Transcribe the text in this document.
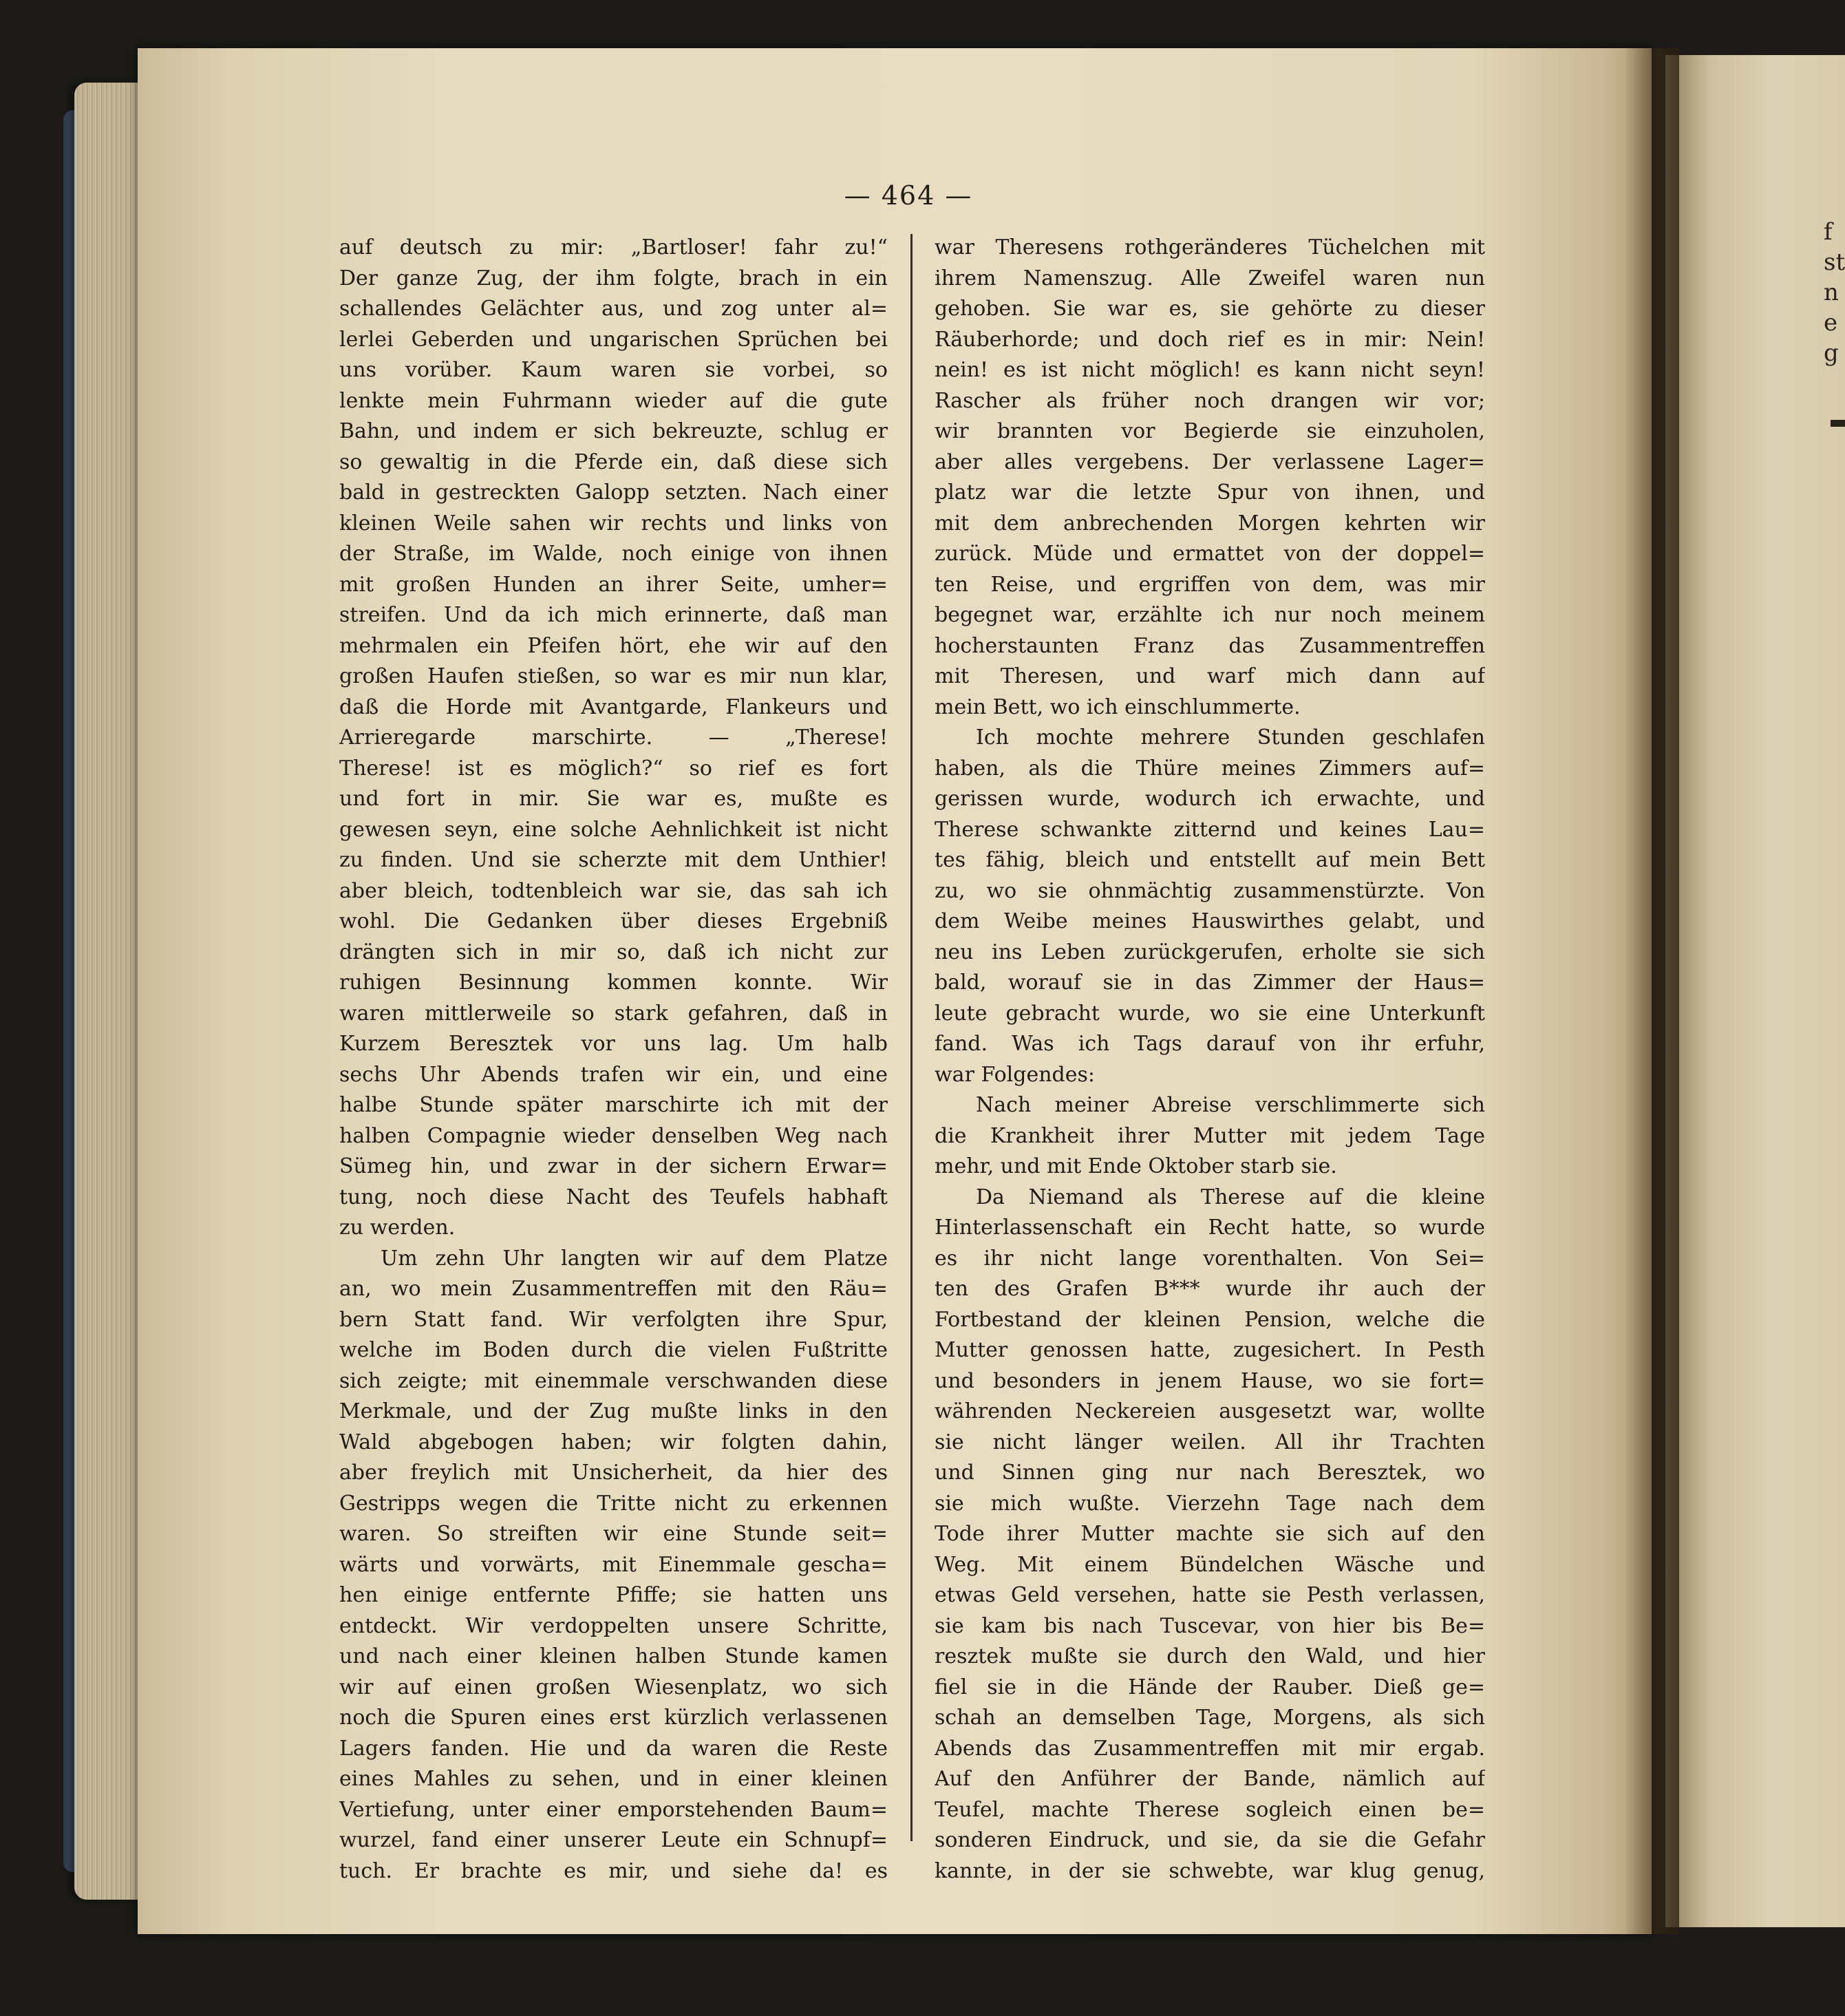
f
st
n
e
g
— 464 —
auf deutsch zu mir: „Bartloser! fahr zu!“
Der ganze Zug, der ihm folgte, brach in ein
schallendes Gelächter aus, und zog unter al=
lerlei Geberden und ungarischen Sprüchen bei
uns vorüber. Kaum waren sie vorbei, so
lenkte mein Fuhrmann wieder auf die gute
Bahn, und indem er sich bekreuzte, schlug er
so gewaltig in die Pferde ein, daß diese sich
bald in gestreckten Galopp setzten. Nach einer
kleinen Weile sahen wir rechts und links von
der Straße, im Walde, noch einige von ihnen
mit großen Hunden an ihrer Seite, umher=
streifen. Und da ich mich erinnerte, daß man
mehrmalen ein Pfeifen hört, ehe wir auf den
großen Haufen stießen, so war es mir nun klar,
daß die Horde mit Avantgarde, Flankeurs und
Arrieregarde marschirte. — „Therese!
Therese! ist es möglich?“ so rief es fort
und fort in mir. Sie war es, mußte es
gewesen seyn, eine solche Aehnlichkeit ist nicht
zu finden. Und sie scherzte mit dem Unthier!
aber bleich, todtenbleich war sie, das sah ich
wohl. Die Gedanken über dieses Ergebniß
drängten sich in mir so, daß ich nicht zur
ruhigen Besinnung kommen konnte. Wir
waren mittlerweile so stark gefahren, daß in
Kurzem Beresztek vor uns lag. Um halb
sechs Uhr Abends trafen wir ein, und eine
halbe Stunde später marschirte ich mit der
halben Compagnie wieder denselben Weg nach
Sümeg hin, und zwar in der sichern Erwar=
tung, noch diese Nacht des Teufels habhaft
zu werden.
Um zehn Uhr langten wir auf dem Platze
an, wo mein Zusammentreffen mit den Räu=
bern Statt fand. Wir verfolgten ihre Spur,
welche im Boden durch die vielen Fußtritte
sich zeigte; mit einemmale verschwanden diese
Merkmale, und der Zug mußte links in den
Wald abgebogen haben; wir folgten dahin,
aber freylich mit Unsicherheit, da hier des
Gestripps wegen die Tritte nicht zu erkennen
waren. So streiften wir eine Stunde seit=
wärts und vorwärts, mit Einemmale gescha=
hen einige entfernte Pfiffe; sie hatten uns
entdeckt. Wir verdoppelten unsere Schritte,
und nach einer kleinen halben Stunde kamen
wir auf einen großen Wiesenplatz, wo sich
noch die Spuren eines erst kürzlich verlassenen
Lagers fanden. Hie und da waren die Reste
eines Mahles zu sehen, und in einer kleinen
Vertiefung, unter einer emporstehenden Baum=
wurzel, fand einer unserer Leute ein Schnupf=
tuch. Er brachte es mir, und siehe da! es
war Theresens rothgeränderes Tüchelchen mit
ihrem Namenszug. Alle Zweifel waren nun
gehoben. Sie war es, sie gehörte zu dieser
Räuberhorde; und doch rief es in mir: Nein!
nein! es ist nicht möglich! es kann nicht seyn!
Rascher als früher noch drangen wir vor;
wir brannten vor Begierde sie einzuholen,
aber alles vergebens. Der verlassene Lager=
platz war die letzte Spur von ihnen, und
mit dem anbrechenden Morgen kehrten wir
zurück. Müde und ermattet von der doppel=
ten Reise, und ergriffen von dem, was mir
begegnet war, erzählte ich nur noch meinem
hocherstaunten Franz das Zusammentreffen
mit Theresen, und warf mich dann auf
mein Bett, wo ich einschlummerte.
Ich mochte mehrere Stunden geschlafen
haben, als die Thüre meines Zimmers auf=
gerissen wurde, wodurch ich erwachte, und
Therese schwankte zitternd und keines Lau=
tes fähig, bleich und entstellt auf mein Bett
zu, wo sie ohnmächtig zusammenstürzte. Von
dem Weibe meines Hauswirthes gelabt, und
neu ins Leben zurückgerufen, erholte sie sich
bald, worauf sie in das Zimmer der Haus=
leute gebracht wurde, wo sie eine Unterkunft
fand. Was ich Tags darauf von ihr erfuhr,
war Folgendes:
Nach meiner Abreise verschlimmerte sich
die Krankheit ihrer Mutter mit jedem Tage
mehr, und mit Ende Oktober starb sie.
Da Niemand als Therese auf die kleine
Hinterlassenschaft ein Recht hatte, so wurde
es ihr nicht lange vorenthalten. Von Sei=
ten des Grafen B*** wurde ihr auch der
Fortbestand der kleinen Pension, welche die
Mutter genossen hatte, zugesichert. In Pesth
und besonders in jenem Hause, wo sie fort=
währenden Neckereien ausgesetzt war, wollte
sie nicht länger weilen. All ihr Trachten
und Sinnen ging nur nach Beresztek, wo
sie mich wußte. Vierzehn Tage nach dem
Tode ihrer Mutter machte sie sich auf den
Weg. Mit einem Bündelchen Wäsche und
etwas Geld versehen, hatte sie Pesth verlassen,
sie kam bis nach Tuscevar, von hier bis Be=
resztek mußte sie durch den Wald, und hier
fiel sie in die Hände der Rauber. Dieß ge=
schah an demselben Tage, Morgens, als sich
Abends das Zusammentreffen mit mir ergab.
Auf den Anführer der Bande, nämlich auf
Teufel, machte Therese sogleich einen be=
sonderen Eindruck, und sie, da sie die Gefahr
kannte, in der sie schwebte, war klug genug,
